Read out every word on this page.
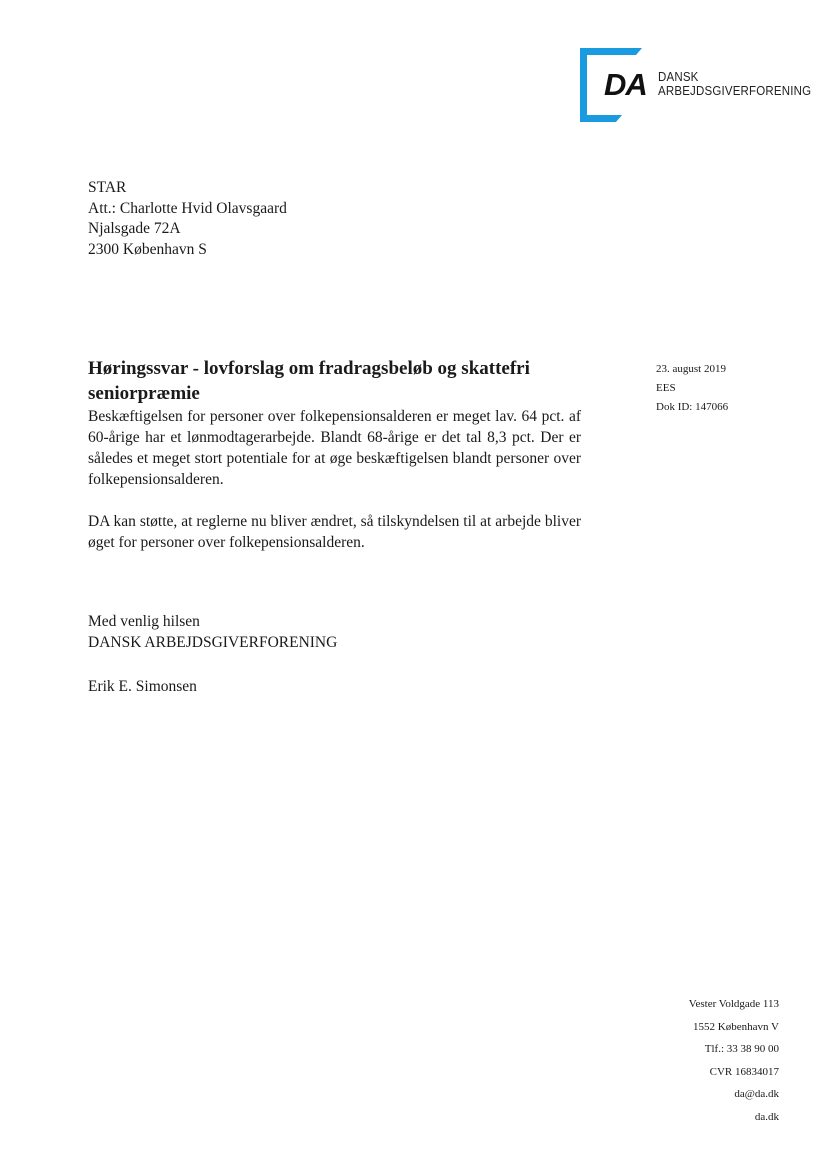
DA DANSK
ARBEJDSGIVERFORENING
STAR
Att.: Charlotte Hvid Olavsgaard
Njalsgade 72A
2300 København S
Høringssvar - lovforslag om fradragsbeløb og skattefri seniorpræmie

Beskæftigelsen for personer over folkepensionsalderen er meget lav. 64 pct. af 60-årige har et lønmodtagerarbejde. Blandt 68-årige er det tal 8,3 pct. Der er således et meget stort potentiale for at øge beskæftigelsen blandt personer over folkepensionsalderen.

DA kan støtte, at reglerne nu bliver ændret, så tilskyndelsen til at arbejde bliver øget for personer over folkepensionsalderen.

23. august 2019
EES
Dok ID: 147066
Med venlig hilsen
DANSK ARBEJDSGIVERFORENING
Erik E. Simonsen
Vester Voldgade 113
1552 København V
Tlf.: 33 38 90 00
CVR 16834017
da@da.dk
da.dk
